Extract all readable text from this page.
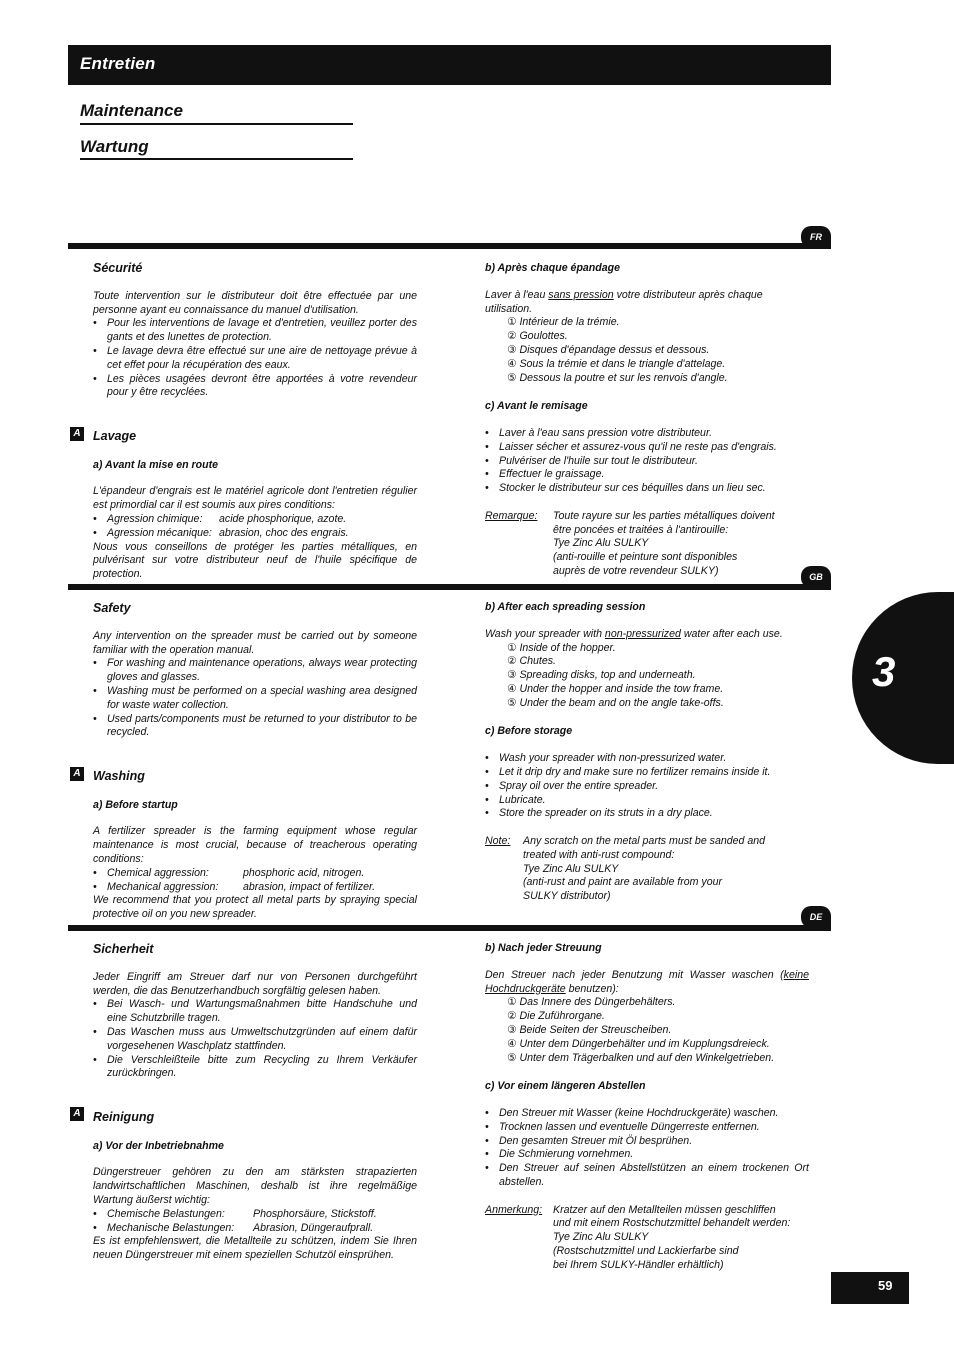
Entretien
Maintenance
Wartung
3
FR

Sécurité

Toute intervention sur le distributeur doit être effectuée par une personne ayant eu connaissance du manuel d'utilisation.

• Pour les interventions de lavage et d'entretien, veuillez porter des gants et des lunettes de protection.

• Le lavage devra être effectué sur une aire de nettoyage prévue à cet effet pour la récupération des eaux.

• Les pièces usagées devront être apportées à votre revendeur pour y être recyclées.

Lavage

a) Avant la mise en route

L'épandeur d'engrais est le matériel agricole dont l'entretien régulier est primordial car il est soumis aux pires conditions:

• Agression chimique: acide phosphorique, azote.

• Agression mécanique: abrasion, choc des engrais.

Nous vous conseillons de protéger les parties métalliques, en pulvérisant sur votre distributeur neuf de l'huile spécifique de protection.

A

b) Après chaque épandage

Laver à l'eau sans pression votre distributeur après chaque utilisation.

① Intérieur de la trémie.

② Goulottes.

③ Disques d'épandage dessus et dessous.

④ Sous la trémie et dans le triangle d'attelage.

⑤ Dessous la poutre et sur les renvois d'angle.

c) Avant le remisage

• Laver à l'eau sans pression votre distributeur.

• Laisser sécher et assurez-vous qu'il ne reste pas d'engrais.

• Pulvériser de l'huile sur tout le distributeur.

• Effectuer le graissage.

• Stocker le distributeur sur ces béquilles dans un lieu sec.

Remarque:	Toute rayure sur les parties métalliques doivent

être poncées et traitées à l'antirouille:

Tye Zinc Alu SULKY

(anti-rouille et peinture sont disponibles

auprès de votre revendeur SULKY)

GB

Safety

Any intervention on the spreader must be carried out by someone familiar with the operation manual.

• For washing and maintenance operations, always wear protecting gloves and glasses.

• Washing must be performed on a special washing area designed for waste water collection.

• Used parts/components must be returned to your distributor to be recycled.

Washing

a) Before startup

A fertilizer spreader is the farming equipment whose regular maintenance is most crucial, because of treacherous operating conditions:

• Chemical aggression:	phosphoric acid, nitrogen.

• Mechanical aggression: abrasion, impact of fertilizer.

We recommend that you protect all metal parts by spraying special protective oil on you new spreader.

A

b) After each spreading session

Wash your spreader with non-pressurized water after each use.

① Inside of the hopper.

② Chutes.

③ Spreading disks, top and underneath.

④ Under the hopper and inside the tow frame.

⑤ Under the beam and on the angle take-offs.

c) Before storage

• Wash your spreader with non-pressurized water.

• Let it drip dry and make sure no fertilizer remains inside it.

• Spray oil over the entire spreader.

• Lubricate.

• Store the spreader on its struts in a dry place.

Note:	Any scratch on the metal parts must be sanded and

treated with anti-rust compound:

Tye Zinc Alu SULKY

(anti-rust and paint are available from your

SULKY distributor)

DE

Sicherheit

Jeder Eingriff am Streuer darf nur von Personen durchgeführt werden, die das Benutzerhandbuch sorgfältig gelesen haben.

• Bei Wasch- und Wartungsmaßnahmen bitte Handschuhe und eine Schutzbrille tragen.

• Das Waschen muss aus Umweltschutzgründen auf einem dafür vorgesehenen Waschplatz stattfinden.

• Die Verschleißteile bitte zum Recycling zu Ihrem Verkäufer zurückbringen.

Reinigung

a) Vor der Inbetriebnahme

Düngerstreuer gehören zu den am stärksten strapazierten landwirtschaftlichen Maschinen, deshalb ist ihre regelmäßige Wartung äußerst wichtig:

• Chemische Belastungen:	Phosphorsäure, Stickstoff.

• Mechanische Belastungen: Abrasion, Düngeraufprall.

Es ist empfehlenswert, die Metallteile zu schützen, indem Sie Ihren neuen Düngerstreuer mit einem speziellen Schutzöl einsprühen.

A

b) Nach jeder Streuung

Den Streuer nach jeder Benutzung mit Wasser waschen (keine Hochdruckgeräte benutzen):

① Das Innere des Düngerbehälters.

② Die Zuführorgane.

③ Beide Seiten der Streuscheiben.

④ Unter dem Düngerbehälter und im Kupplungsdreieck.

⑤ Unter dem Trägerbalken und auf den Winkelgetrieben.

c) Vor einem längeren Abstellen

• Den Streuer mit Wasser (keine Hochdruckgeräte) waschen.

• Trocknen lassen und eventuelle Düngerreste entfernen.

• Den gesamten Streuer mit Öl besprühen.

• Die Schmierung vornehmen.

• Den Streuer auf seinen Abstellstützen an einem trockenen Ort abstellen.

Anmerkung:	Kratzer auf den Metallteilen müssen geschliffen

und mit einem Rostschutzmittel behandelt werden:

Tye Zinc Alu SULKY

(Rostschutzmittel und Lackierfarbe sind

bei Ihrem SULKY-Händler erhältlich)

59
